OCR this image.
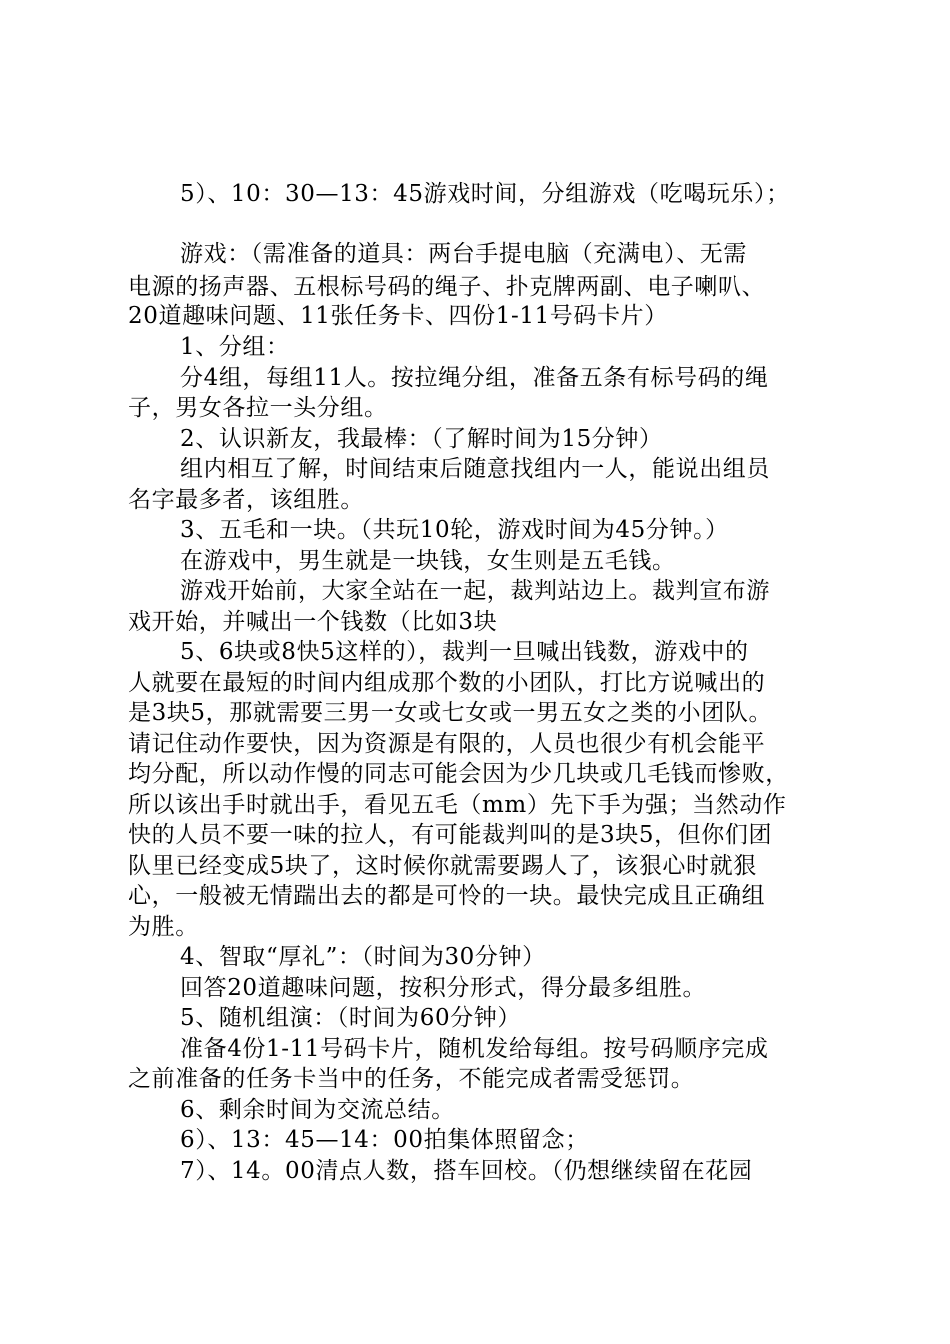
5）、10：30—13：45游戏时间，分组游戏（吃喝玩乐）；
游戏：（需准备的道具：两台手提电脑（充满电）、无需
电源的扬声器、五根标号码的绳子、扑克牌两副、电子喇叭、
20道趣味问题、11张任务卡、四份1-11号码卡片）
1、分组：
分4组，每组11人。按拉绳分组，准备五条有标号码的绳
子，男女各拉一头分组。
2、认识新友，我最棒：（了解时间为15分钟）
组内相互了解，时间结束后随意找组内一人，能说出组员
名字最多者，该组胜。
3、五毛和一块。（共玩10轮，游戏时间为45分钟。）
在游戏中，男生就是一块钱，女生则是五毛钱。
游戏开始前，大家全站在一起，裁判站边上。裁判宣布游
戏开始，并喊出一个钱数（比如3块
5、6块或8快5这样的），裁判一旦喊出钱数，游戏中的
人就要在最短的时间内组成那个数的小团队，打比方说喊出的
是3块5，那就需要三男一女或七女或一男五女之类的小团队。
请记住动作要快，因为资源是有限的，人员也很少有机会能平
均分配，所以动作慢的同志可能会因为少几块或几毛钱而惨败，
所以该出手时就出手，看见五毛（mm）先下手为强；当然动作
快的人员不要一味的拉人，有可能裁判叫的是3块5，但你们团
队里已经变成5块了，这时候你就需要踢人了，该狠心时就狠
心，一般被无情踹出去的都是可怜的一块。最快完成且正确组
为胜。
4、智取“厚礼”：（时间为30分钟）
回答20道趣味问题，按积分形式，得分最多组胜。
5、随机组演：（时间为60分钟）
准备4份1-11号码卡片，随机发给每组。按号码顺序完成
之前准备的任务卡当中的任务，不能完成者需受惩罚。
6、剩余时间为交流总结。
6）、13：45—14：00拍集体照留念；
7）、14。00清点人数，搭车回校。（仍想继续留在花园
